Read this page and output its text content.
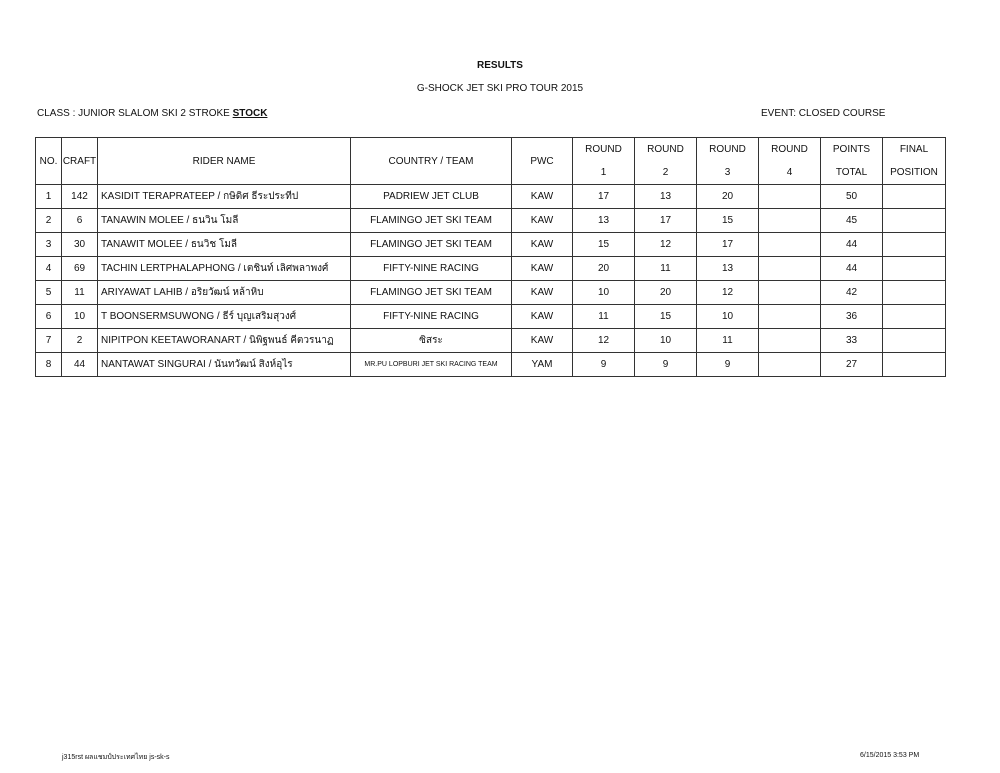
RESULTS
G-SHOCK JET SKI PRO TOUR 2015
CLASS : JUNIOR SLALOM SKI 2 STROKE STOCK	EVENT: CLOSED COURSE
NO.	CRAFT	RIDER NAME	COUNTRY / TEAM	PWC	ROUND	ROUND	ROUND	ROUND	POINTS	FINAL
					1	2	3	4	TOTAL	POSITION
1	142	KASIDIT TERAPRATEEP / กษิดิศ ธีระประทีป	PADRIEW JET CLUB	KAW	17	13	20		50	
2	6	TANAWIN MOLEE / ธนวิน โมลี	FLAMINGO JET SKI TEAM	KAW	13	17	15		45	
3	30	TANAWIT MOLEE / ธนวิช โมลี	FLAMINGO JET SKI TEAM	KAW	15	12	17		44	
4	69	TACHIN LERTPHALAPHONG / เตชินท์ เลิศพลาพงศ์	FIFTY-NINE RACING	KAW	20	11	13		44	
5	11	ARIYAWAT LAHIB / อริยวัฒน์ หล้าหิบ	FLAMINGO JET SKI TEAM	KAW	10	20	12		42	
6	10	T BOONSERMSUWONG / ธีร์ บุญเสริมสุวงศ์	FIFTY-NINE RACING	KAW	11	15	10		36	
7	2	NIPITPON KEETAWORANART / นิพิฐพนธ์ คีตวรนาฏ	ซิสระ	KAW	12	10	11		33	
8	44	NANTAWAT SINGURAI / นันทวัฒน์ สิงห์อุไร	MR.PU LOPBURI JET SKI RACING TEAM	YAM	9	9	9		27	
j315rst ผลแชมป์ประเทศไทย js-sk-s	6/15/2015 3:53 PM
